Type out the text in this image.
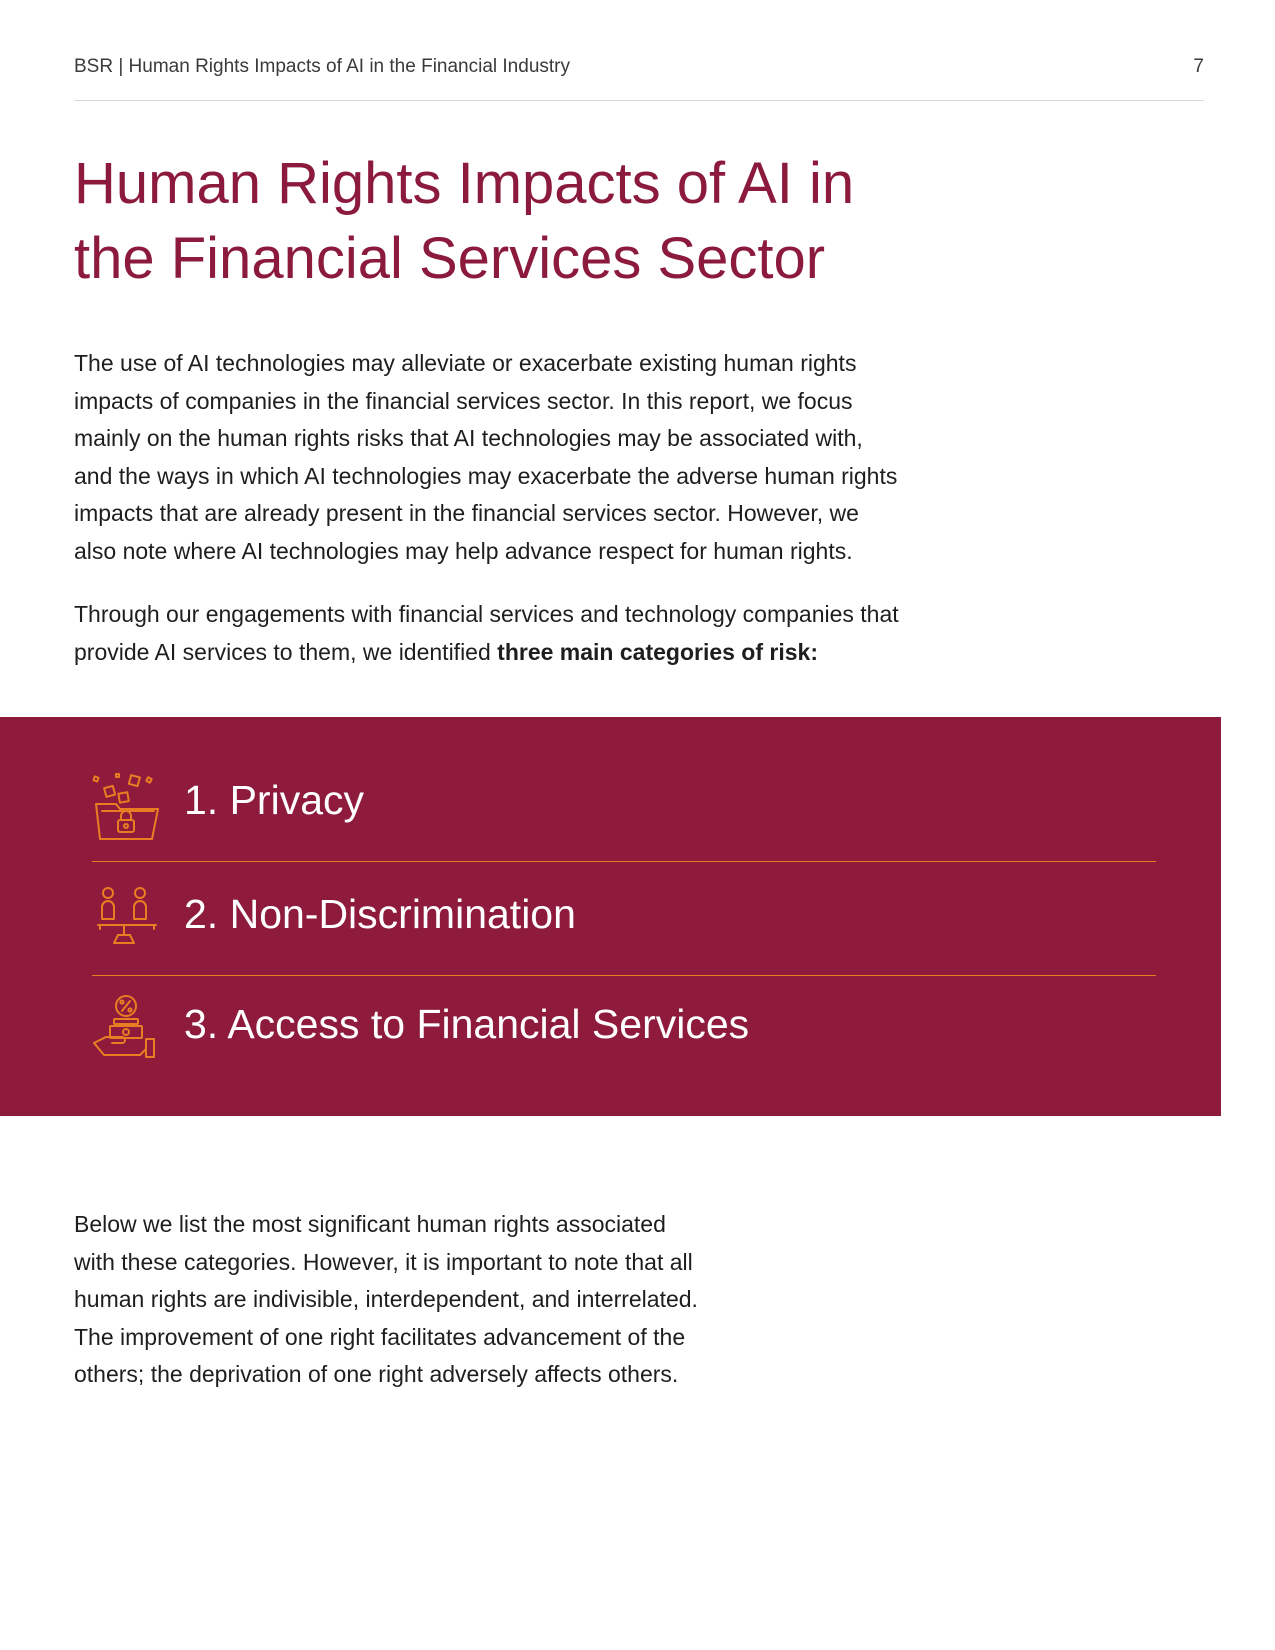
BSR | Human Rights Impacts of AI in the Financial Industry	7
Human Rights Impacts of AI in
the Financial Services Sector

The use of AI technologies may alleviate or exacerbate existing human rights
impacts of companies in the financial services sector. In this report, we focus
mainly on the human rights risks that AI technologies may be associated with,
and the ways in which AI technologies may exacerbate the adverse human rights
impacts that are already present in the financial services sector. However, we
also note where AI technologies may help advance respect for human rights.

Through our engagements with financial services and technology companies that
provide AI services to them, we identified three main categories of risk:

1. Privacy
2. Non-Discrimination
3. Access to Financial Services

Below we list the most significant human rights associated
with these categories. However, it is important to note that all
human rights are indivisible, interdependent, and interrelated.
The improvement of one right facilitates advancement of the
others; the deprivation of one right adversely affects others.
